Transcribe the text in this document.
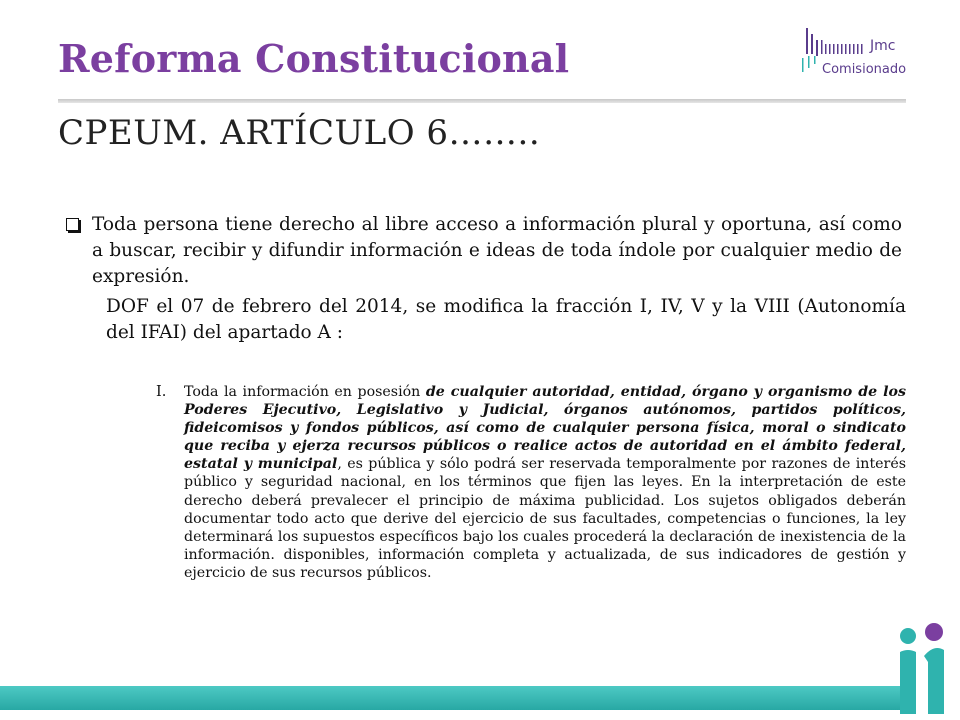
Reforma Constitucional	Jmc
Comisionado
CPEUM. ARTÍCULO 6……..
Toda persona tiene derecho al libre acceso a información plural y oportuna, así como a buscar, recibir y difundir información e ideas de toda índole por cualquier medio de expresión.
DOF el 07 de febrero del 2014, se modifica la fracción I, IV, V y la VIII (Autonomía del IFAI) del apartado A :
I. Toda la información en posesión de cualquier autoridad, entidad, órgano y organismo de los Poderes Ejecutivo, Legislativo y Judicial, órganos autónomos, partidos políticos, fideicomisos y fondos públicos, así como de cualquier persona física, moral o sindicato que reciba y ejerza recursos públicos o realice actos de autoridad en el ámbito federal, estatal y municipal, es pública y sólo podrá ser reservada temporalmente por razones de interés público y seguridad nacional, en los términos que fijen las leyes. En la interpretación de este derecho deberá prevalecer el principio de máxima publicidad. Los sujetos obligados deberán documentar todo acto que derive del ejercicio de sus facultades, competencias o funciones, la ley determinará los supuestos específicos bajo los cuales procederá la declaración de inexistencia de la información. disponibles, información completa y actualizada, de sus indicadores de gestión y ejercicio de sus recursos públicos.
